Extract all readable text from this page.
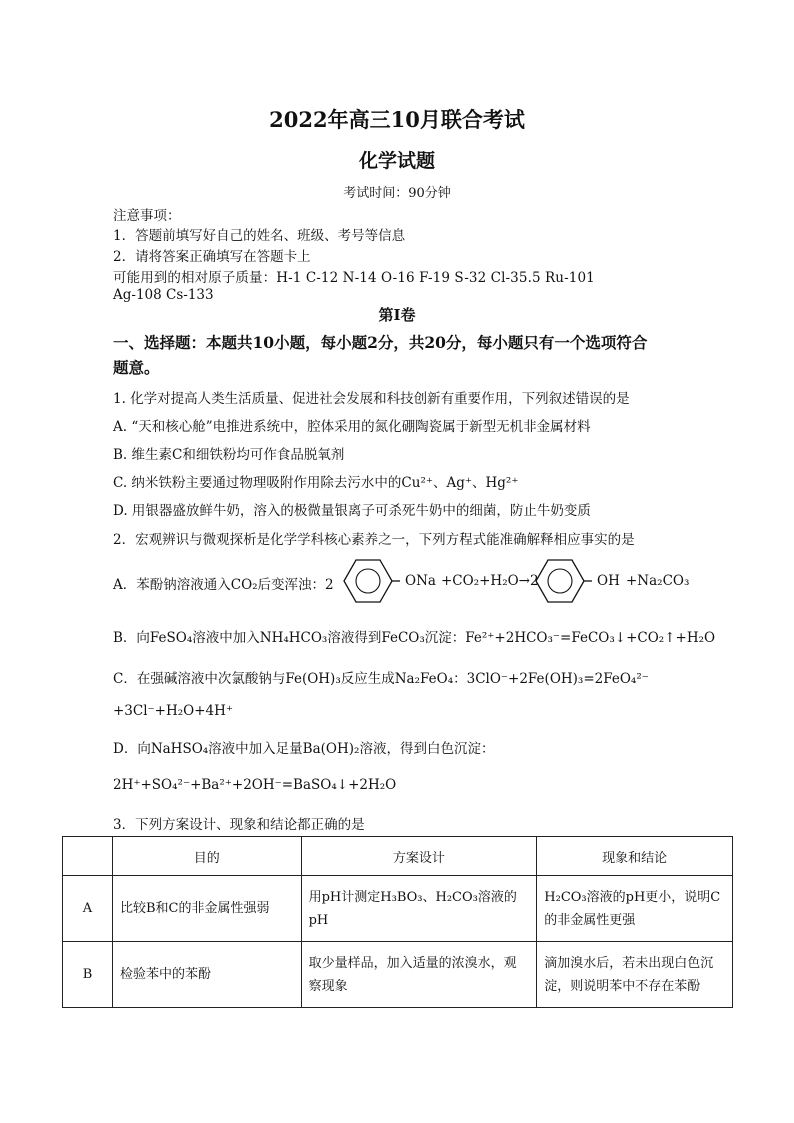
2022年高三10月联合考试
化学试题
考试时间：90分钟
注意事项：
1．答题前填写好自己的姓名、班级、考号等信息
2．请将答案正确填写在答题卡上
可能用到的相对原子质量：H-1 C-12 N-14 O-16 F-19 S-32 Cl-35.5 Ru-101
Ag-108 Cs-133
第I卷
一、选择题：本题共10小题，每小题2分，共20分，每小题只有一个选项符合
题意。
1. 化学对提高人类生活质量、促进社会发展和科技创新有重要作用，下列叙述错误的是
A. “天和核心舱”电推进系统中，腔体采用的氮化硼陶瓷属于新型无机非金属材料
B. 维生素C和细铁粉均可作食品脱氧剂
C. 纳米铁粉主要通过物理吸附作用除去污水中的Cu²⁺、Ag⁺、Hg²⁺
D. 用银器盛放鲜牛奶，溶入的极微量银离子可杀死牛奶中的细菌，防止牛奶变质
2．宏观辨识与微观探析是化学学科核心素养之一，下列方程式能准确解释相应事实的是
A．苯酚钠溶液通入CO₂后变浑浊：2	ONa +CO₂+H₂O→2	OH +Na₂CO₃
B．向FeSO₄溶液中加入NH₄HCO₃溶液得到FeCO₃沉淀：Fe²⁺+2HCO₃⁻=FeCO₃↓+CO₂↑+H₂O
C．在强碱溶液中次氯酸钠与Fe(OH)₃反应生成Na₂FeO₄：3ClO⁻+2Fe(OH)₃=2FeO₄²⁻
+3Cl⁻+H₂O+4H⁺
D．向NaHSO₄溶液中加入足量Ba(OH)₂溶液，得到白色沉淀：
2H⁺+SO₄²⁻+Ba²⁺+2OH⁻=BaSO₄↓+2H₂O
3．下列方案设计、现象和结论都正确的是
	目的	方案设计	现象和结论
A	比较B和C的非金属性强弱	用pH计测定H₃BO₃、H₂CO₃溶液的pH	H₂CO₃溶液的pH更小，说明C的非金属性更强
B	检验苯中的苯酚	取少量样品，加入适量的浓溴水，观察现象	滴加溴水后，若未出现白色沉淀，则说明苯中不存在苯酚
